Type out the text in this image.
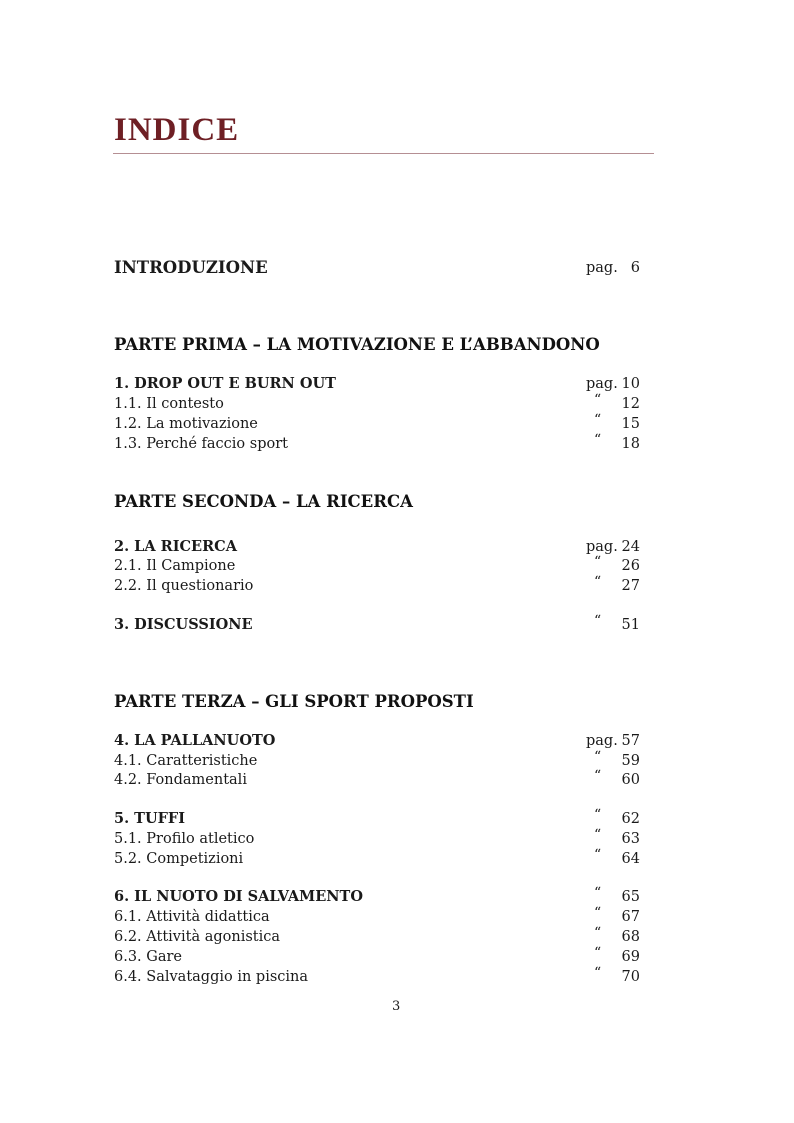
INDICE
INTRODUZIONE	pag. 6
PARTE PRIMA – LA MOTIVAZIONE E L’ABBANDONO
1. DROP OUT E BURN OUT	pag. 10
1.1. Il contesto	“ 12
1.2. La motivazione	“ 15
1.3. Perché faccio sport	“ 18
PARTE SECONDA – LA RICERCA
2. LA RICERCA	pag. 24
2.1. Il Campione	“ 26
2.2. Il questionario	“ 27
3. DISCUSSIONE	“ 51
PARTE TERZA – GLI SPORT PROPOSTI
4. LA PALLANUOTO	pag. 57
4.1. Caratteristiche	“ 59
4.2. Fondamentali	“ 60
5. TUFFI	“ 62
5.1. Profilo atletico	“ 63
5.2. Competizioni	“ 64
6. IL NUOTO DI SALVAMENTO	“ 65
6.1. Attività didattica	“ 67
6.2. Attività agonistica	“ 68
6.3. Gare	“ 69
6.4. Salvataggio in piscina	“ 70
3
